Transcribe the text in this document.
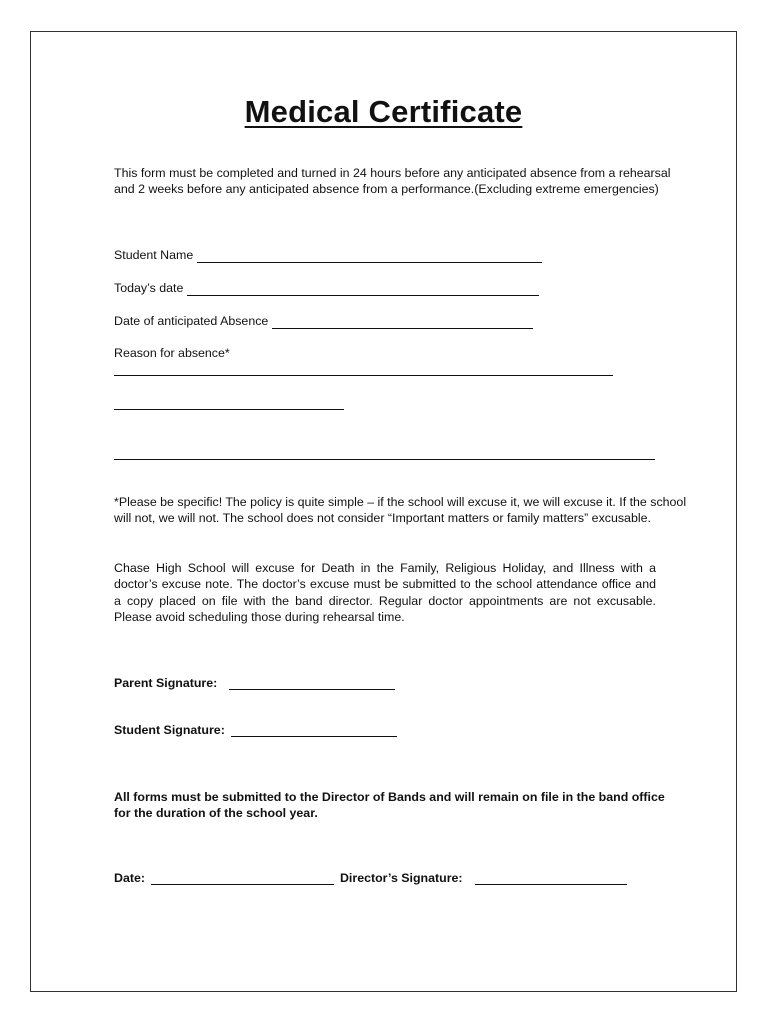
Medical Certificate
This form must be completed and turned in 24 hours before any anticipated absence from a rehearsal and 2 weeks before any anticipated absence from a performance.(Excluding extreme emergencies)
Student Name
Today’s date
Date of anticipated Absence
Reason for absence*
*Please be specific! The policy is quite simple – if the school will excuse it, we will excuse it. If the school will not, we will not. The school does not consider “Important matters or family matters” excusable.
Chase High School will excuse for Death in the Family, Religious Holiday, and Illness with a doctor’s excuse note. The doctor’s excuse must be submitted to the school attendance office and a copy placed on file with the band director. Regular doctor appointments are not excusable. Please avoid scheduling those during rehearsal time.
Parent Signature:
Student Signature:
All forms must be submitted to the Director of Bands and will remain on file in the band office for the duration of the school year.
Date:	Director’s Signature:
